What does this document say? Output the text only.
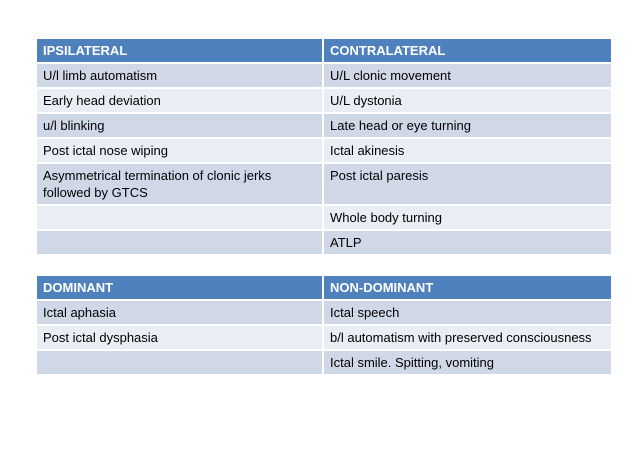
IPSILATERAL	CONTRALATERAL
U/l limb automatism	U/L clonic movement
Early head deviation	U/L dystonia
u/l blinking	Late head or eye turning
Post ictal nose wiping	Ictal akinesis
Asymmetrical termination of clonic jerks followed by GTCS	Post ictal paresis
	Whole body turning
	ATLP
DOMINANT	NON-DOMINANT
Ictal aphasia	Ictal speech
Post ictal dysphasia	b/l automatism with preserved consciousness
	Ictal smile. Spitting, vomiting
